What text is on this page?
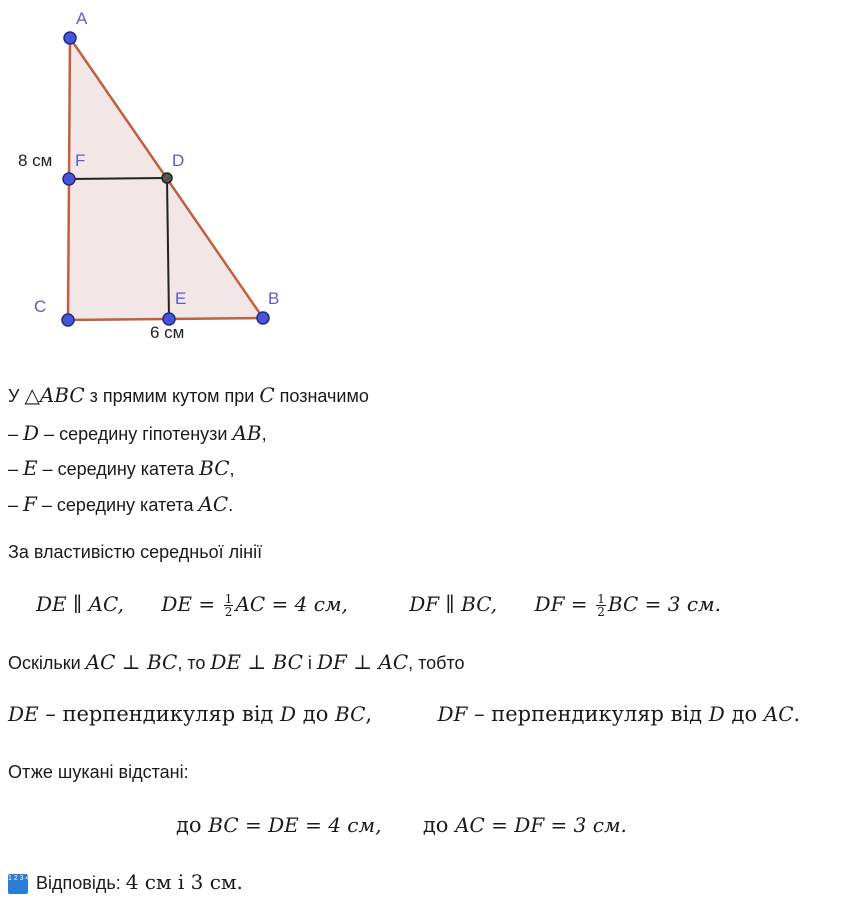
A
F	D
C	E	B
8 см
6 см
У △ABC з прямим кутом при C позначимо
– D – середину гіпотенузи AB,
– E – середину катета BC,
– F – середину катета AC.
За властивістю середньої лінії
DE ∥ AC, DE = $\frac{1}{2}$ AC = 4 см,	DF ∥ BC, DF = $\frac{1}{2}$ BC = 3 см.
Оскільки AC ⊥ BC, то DE ⊥ BC і DF ⊥ AC, тобто
DE – перпендикуляр від D до BC,	DF – перпендикуляр від D до AC.
Отже шукані відстані:
до BC = DE = 4 см, до AC = DF = 3 см.
1 2 3 4 Відповідь: 4 см і 3 см.
